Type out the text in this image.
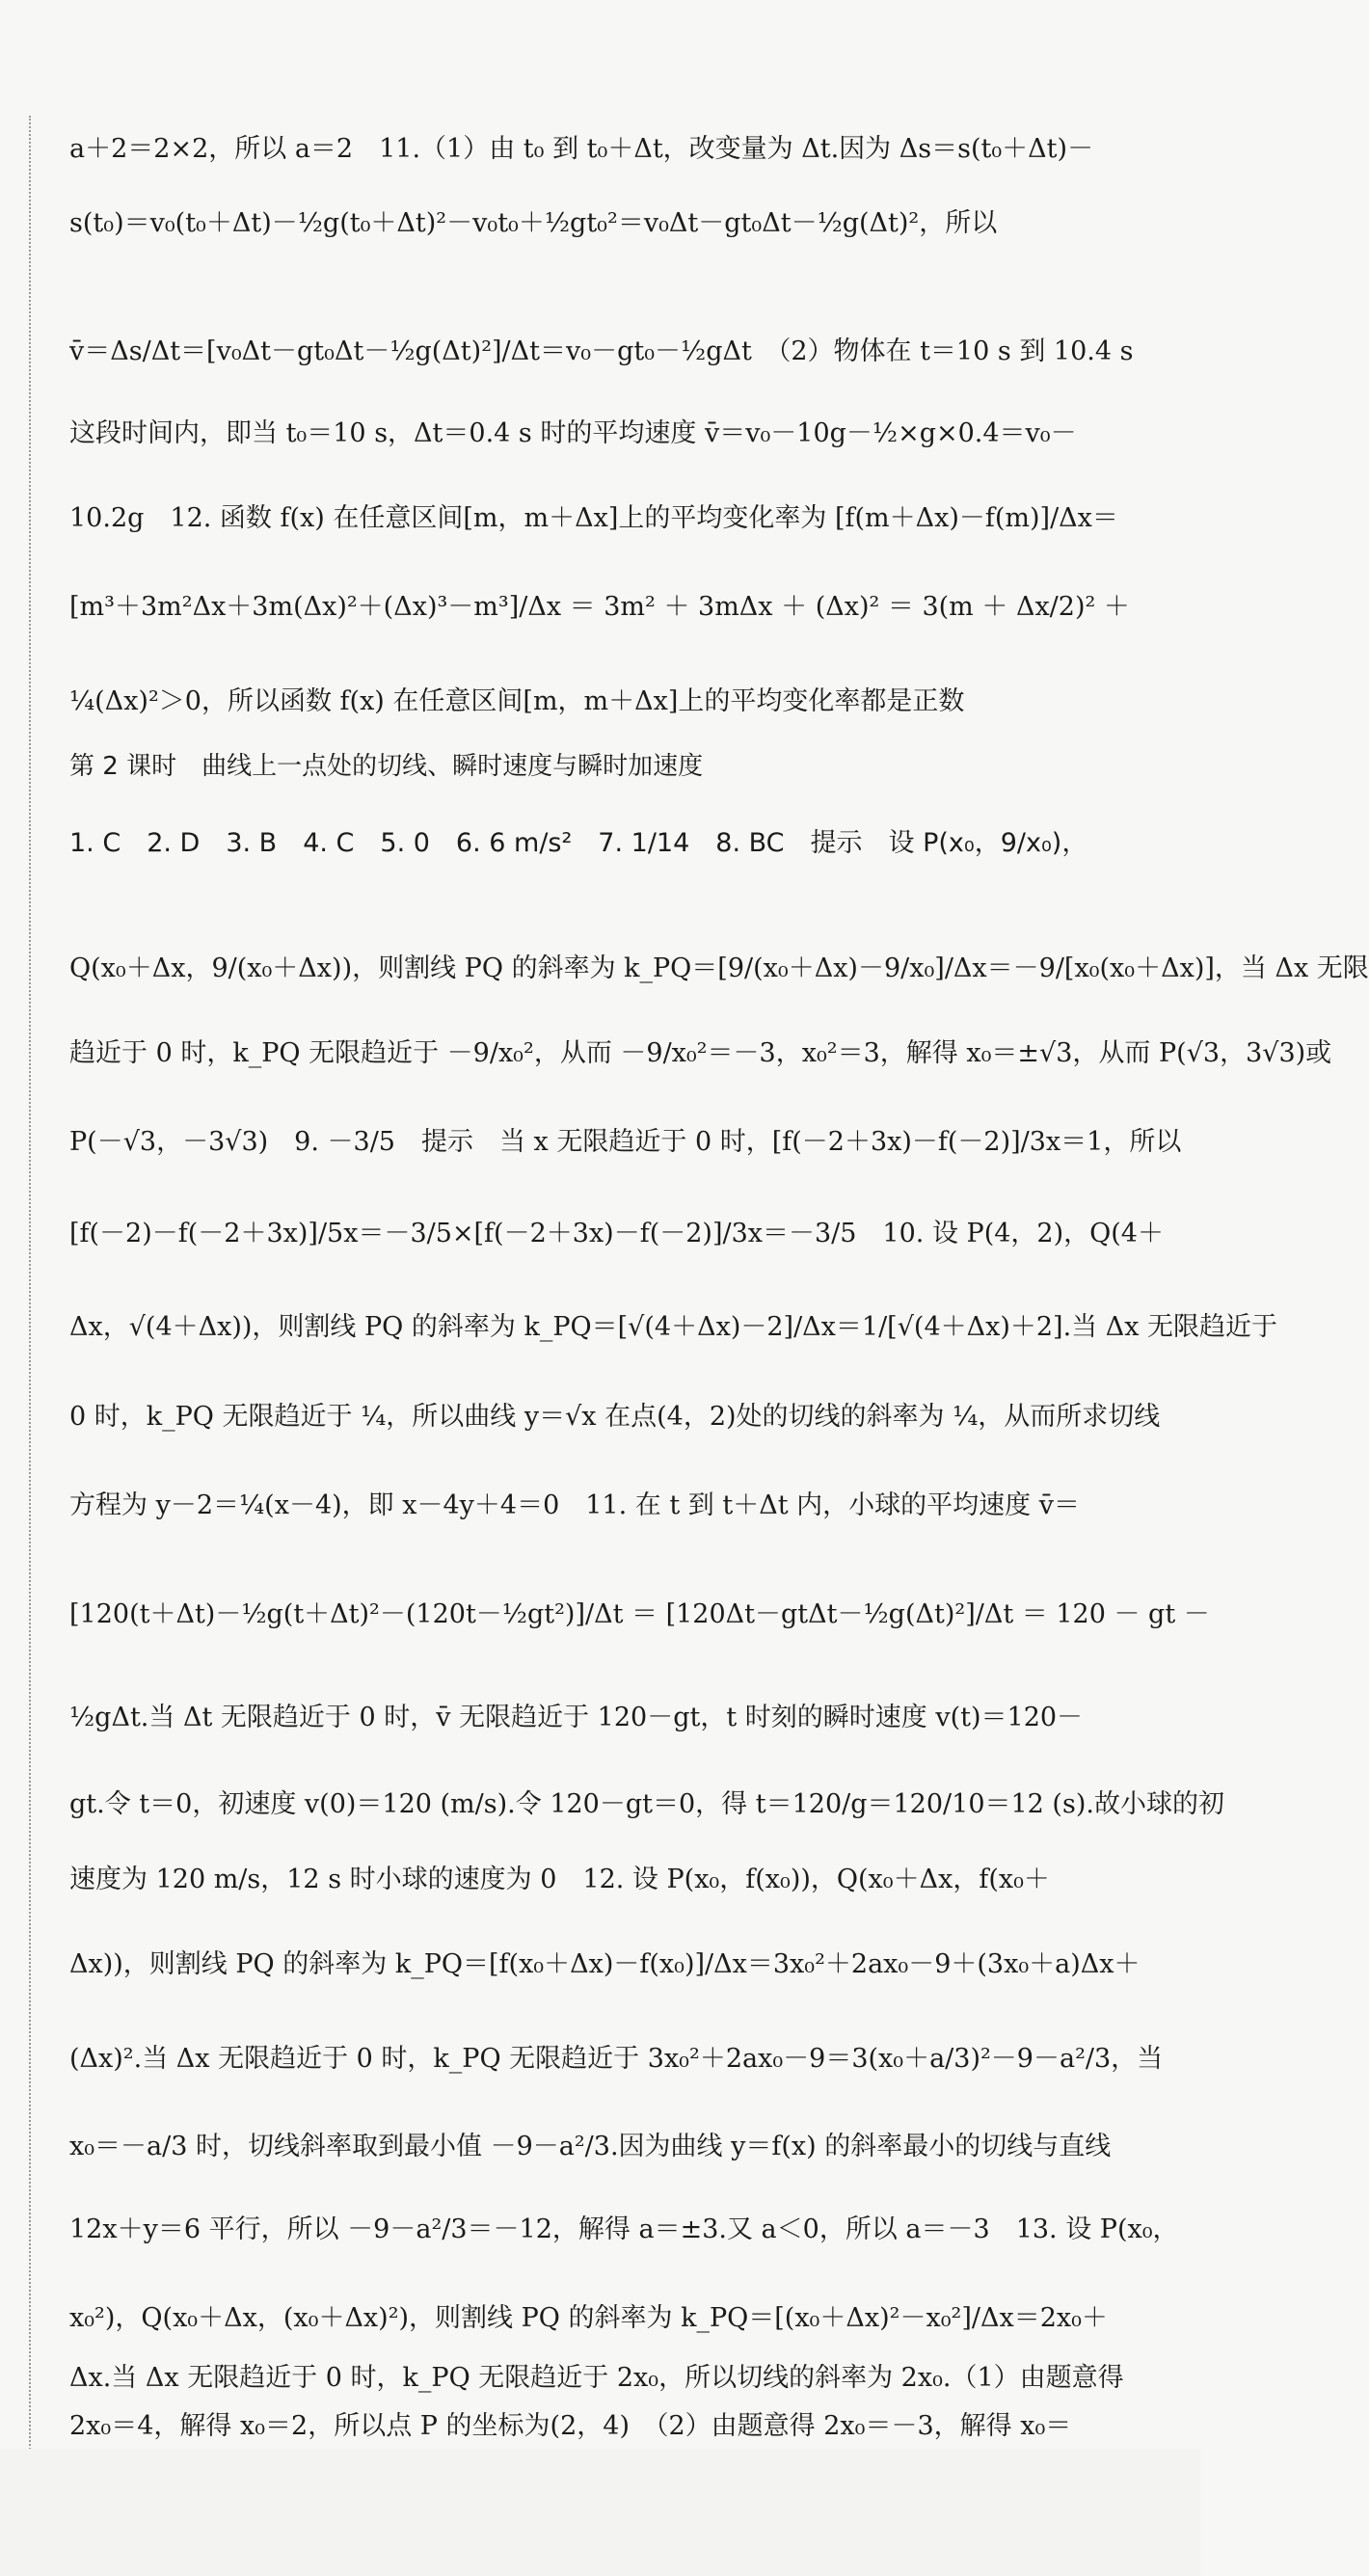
a＋2＝2×2，所以 a＝2　11.（1）由 t₀ 到 t₀＋Δt，改变量为 Δt.因为 Δs＝s(t₀＋Δt)－
s(t₀)＝v₀(t₀＋Δt)－½g(t₀＋Δt)²－v₀t₀＋½gt₀²＝v₀Δt－gt₀Δt－½g(Δt)²，所以
v̄＝Δs/Δt＝[v₀Δt－gt₀Δt－½g(Δt)²]/Δt＝v₀－gt₀－½gΔt　（2）物体在 t＝10 s 到 10.4 s
这段时间内，即当 t₀＝10 s，Δt＝0.4 s 时的平均速度 v̄＝v₀－10g－½×g×0.4＝v₀－
10.2g　12. 函数 f(x) 在任意区间[m，m＋Δx]上的平均变化率为 [f(m＋Δx)－f(m)]/Δx＝
[m³＋3m²Δx＋3m(Δx)²＋(Δx)³－m³]/Δx ＝ 3m² ＋ 3mΔx ＋ (Δx)² ＝ 3(m ＋ Δx/2)² ＋
¼(Δx)²＞0，所以函数 f(x) 在任意区间[m，m＋Δx]上的平均变化率都是正数
第 2 课时　曲线上一点处的切线、瞬时速度与瞬时加速度
1. C　2. D　3. B　4. C　5. 0　6. 6 m/s²　7. 1/14　8. BC　提示　设 P(x₀，9/x₀)，
Q(x₀＋Δx，9/(x₀＋Δx))，则割线 PQ 的斜率为 k_PQ＝[9/(x₀＋Δx)－9/x₀]/Δx＝－9/[x₀(x₀＋Δx)]，当 Δx 无限
趋近于 0 时，k_PQ 无限趋近于 －9/x₀²，从而 －9/x₀²＝－3，x₀²＝3，解得 x₀＝±√3，从而 P(√3，3√3)或
P(－√3，－3√3)　9. －3/5　提示　当 x 无限趋近于 0 时，[f(－2＋3x)－f(－2)]/3x＝1，所以
[f(－2)－f(－2＋3x)]/5x＝－3/5×[f(－2＋3x)－f(－2)]/3x＝－3/5　10. 设 P(4，2)，Q(4＋
Δx，√(4＋Δx))，则割线 PQ 的斜率为 k_PQ＝[√(4＋Δx)－2]/Δx＝1/[√(4＋Δx)＋2].当 Δx 无限趋近于
0 时，k_PQ 无限趋近于 ¼，所以曲线 y＝√x 在点(4，2)处的切线的斜率为 ¼，从而所求切线
方程为 y－2＝¼(x－4)，即 x－4y＋4＝0　11. 在 t 到 t＋Δt 内，小球的平均速度 v̄＝
[120(t＋Δt)－½g(t＋Δt)²－(120t－½gt²)]/Δt ＝ [120Δt－gtΔt－½g(Δt)²]/Δt ＝ 120 － gt －
½gΔt.当 Δt 无限趋近于 0 时，v̄ 无限趋近于 120－gt，t 时刻的瞬时速度 v(t)＝120－
gt.令 t＝0，初速度 v(0)＝120 (m/s).令 120－gt＝0，得 t＝120/g＝120/10＝12 (s).故小球的初
速度为 120 m/s，12 s 时小球的速度为 0　12. 设 P(x₀，f(x₀))，Q(x₀＋Δx，f(x₀＋
Δx))，则割线 PQ 的斜率为 k_PQ＝[f(x₀＋Δx)－f(x₀)]/Δx＝3x₀²＋2ax₀－9＋(3x₀＋a)Δx＋
(Δx)².当 Δx 无限趋近于 0 时，k_PQ 无限趋近于 3x₀²＋2ax₀－9＝3(x₀＋a/3)²－9－a²/3，当
x₀＝－a/3 时，切线斜率取到最小值 －9－a²/3.因为曲线 y＝f(x) 的斜率最小的切线与直线
12x＋y＝6 平行，所以 －9－a²/3＝－12，解得 a＝±3.又 a＜0，所以 a＝－3　13. 设 P(x₀，
x₀²)，Q(x₀＋Δx，(x₀＋Δx)²)，则割线 PQ 的斜率为 k_PQ＝[(x₀＋Δx)²－x₀²]/Δx＝2x₀＋
Δx.当 Δx 无限趋近于 0 时，k_PQ 无限趋近于 2x₀，所以切线的斜率为 2x₀.（1）由题意得
2x₀＝4，解得 x₀＝2，所以点 P 的坐标为(2，4)　（2）由题意得 2x₀＝－3，解得 x₀＝
